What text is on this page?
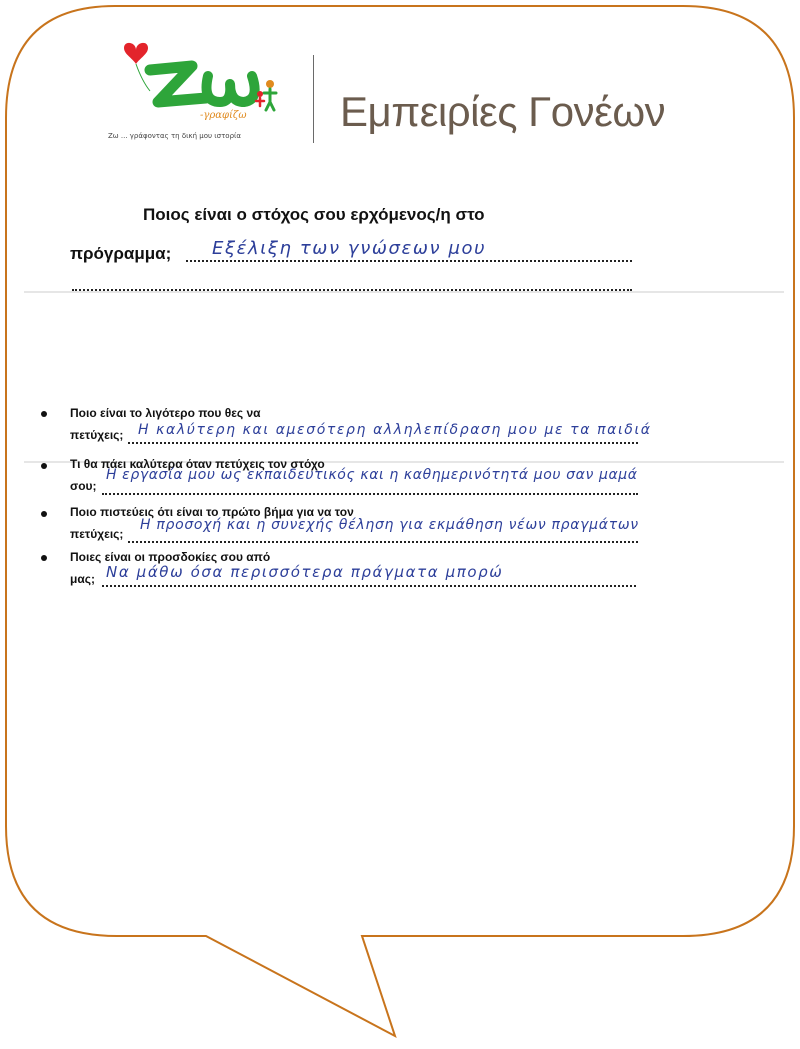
-γραφίζω
Ζω ... γράφοντας τη δική μου ιστορία
Εμπειρίες Γονέων
Ποιος είναι ο στόχος σου ερχόμενος/η στο
πρόγραμμα; Εξέλιξη των γνώσεων μου
Ποιο είναι το λιγότερο που θες να
πετύχεις; Η καλύτερη και αμεσότερη αλληλεπίδραση μου με τα παιδιά
Τι θα πάει καλύτερα όταν πετύχεις τον στόχο
σου;
Η εργασία μου ως εκπαιδευτικός και η καθημερινότητά μου σαν μαμά
Ποιο πιστεύεις ότι είναι το πρώτο βήμα για να τον
πετύχεις;
Η προσοχή και η συνεχής θέληση για εκμάθηση νέων πραγμάτων
Ποιες είναι οι προσδοκίες σου από
μας; Να μάθω όσα περισσότερα πράγματα μπορώ
